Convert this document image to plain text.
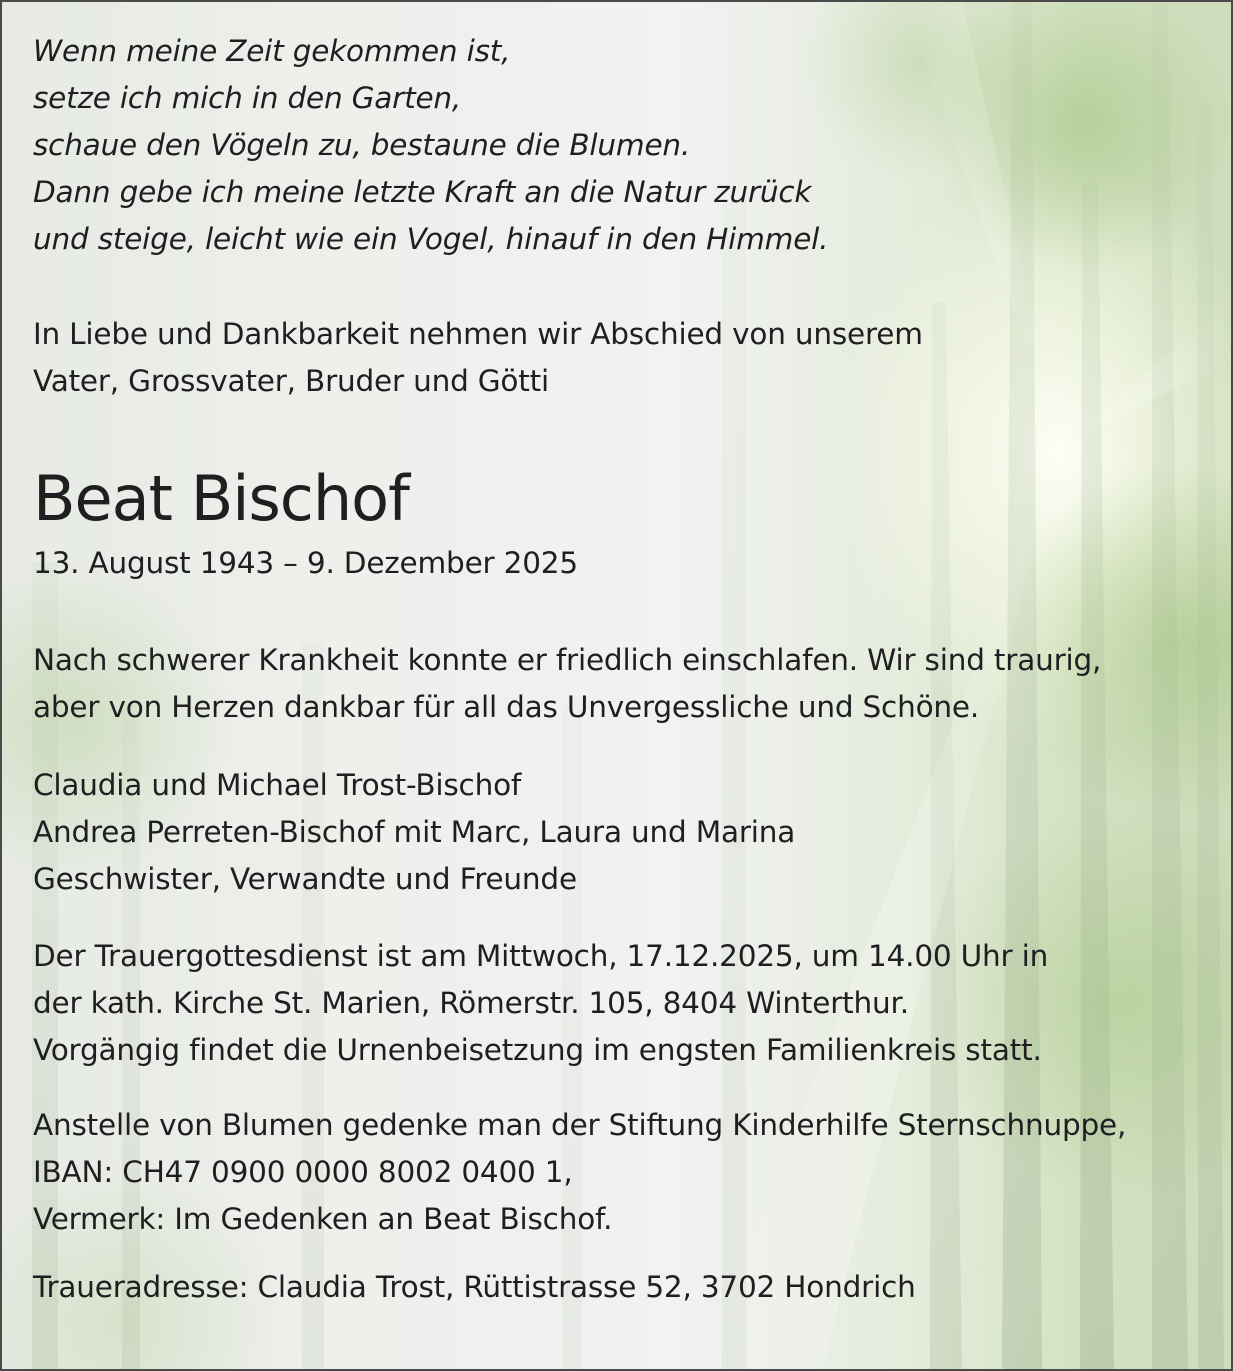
Wenn meine Zeit gekommen ist,
setze ich mich in den Garten,
schaue den Vögeln zu, bestaune die Blumen.
Dann gebe ich meine letzte Kraft an die Natur zurück
und steige, leicht wie ein Vogel, hinauf in den Himmel.
In Liebe und Dankbarkeit nehmen wir Abschied von unserem
Vater, Grossvater, Bruder und Götti
Beat Bischof
13. August 1943 – 9. Dezember 2025
Nach schwerer Krankheit konnte er friedlich einschlafen. Wir sind traurig,
aber von Herzen dankbar für all das Unvergessliche und Schöne.
Claudia und Michael Trost-Bischof
Andrea Perreten-Bischof mit Marc, Laura und Marina
Geschwister, Verwandte und Freunde
Der Trauergottesdienst ist am Mittwoch, 17.12.2025, um 14.00 Uhr in
der kath. Kirche St. Marien, Römerstr. 105, 8404 Winterthur.
Vorgängig findet die Urnenbeisetzung im engsten Familienkreis statt.
Anstelle von Blumen gedenke man der Stiftung Kinderhilfe Sternschnuppe,
IBAN: CH47 0900 0000 8002 0400 1,
Vermerk: Im Gedenken an Beat Bischof.
Traueradresse: Claudia Trost, Rüttistrasse 52, 3702 Hondrich
